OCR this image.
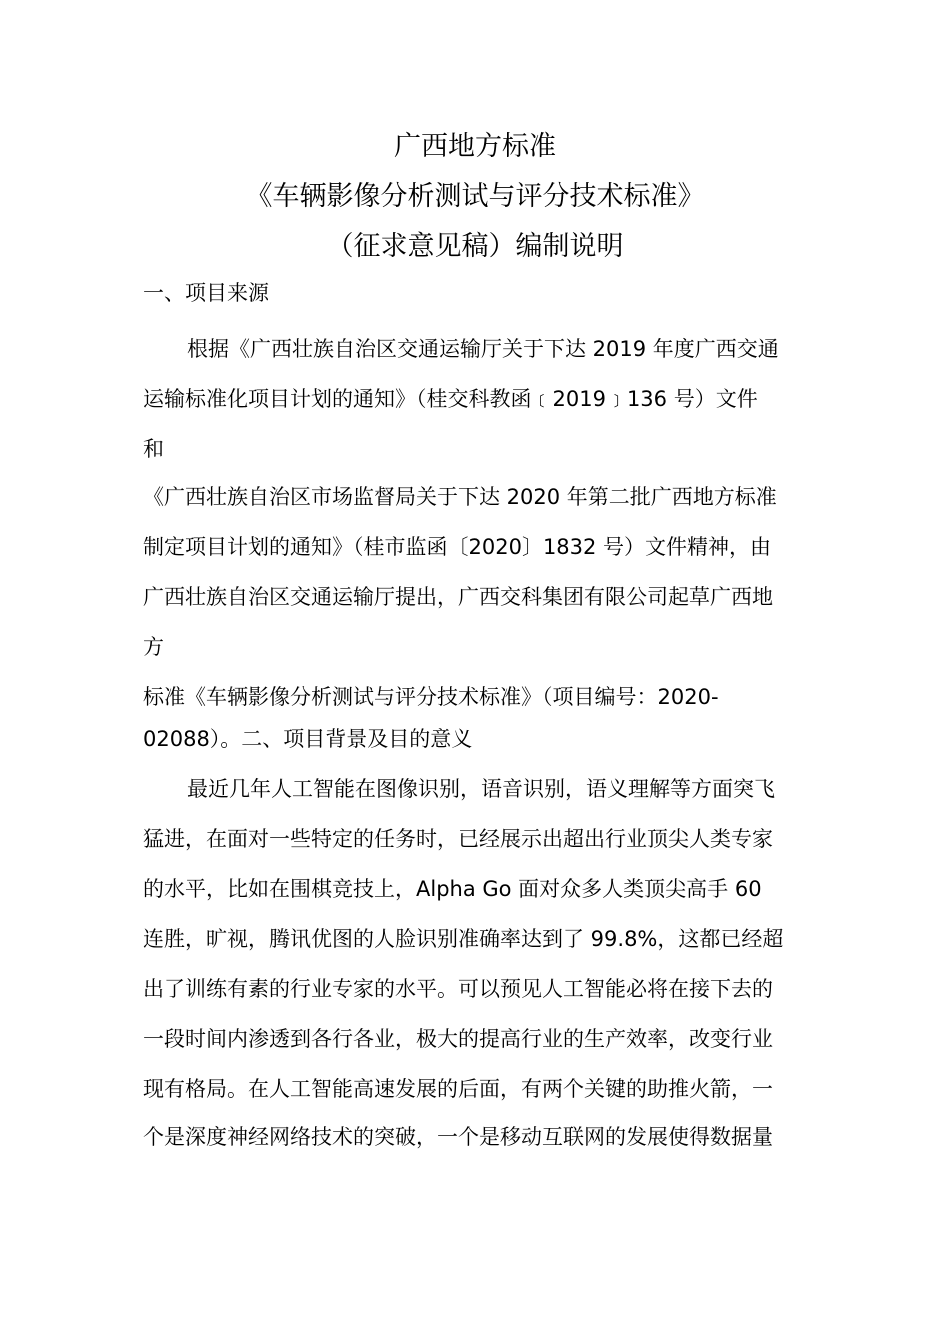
广西地方标准
《车辆影像分析测试与评分技术标准》
（征求意见稿）编制说明
一、项目来源
根据《广西壮族自治区交通运输厅关于下达 2019 年度广西交通
运输标准化项目计划的通知》（桂交科教函﹝2019﹞136 号）文件
和
《广西壮族自治区市场监督局关于下达 2020 年第二批广西地方标准
制定项目计划的通知》（桂市监函〔2020〕1832 号）文件精神，由
广西壮族自治区交通运输厅提出，广西交科集团有限公司起草广西地
方
标准《车辆影像分析测试与评分技术标准》（项目编号：2020-
02088）。二、项目背景及目的意义
最近几年人工智能在图像识别，语音识别，语义理解等方面突飞
猛进，在面对一些特定的任务时，已经展示出超出行业顶尖人类专家
的水平，比如在围棋竞技上，Alpha Go 面对众多人类顶尖高手 60
连胜，旷视，腾讯优图的人脸识别准确率达到了 99.8%，这都已经超
出了训练有素的行业专家的水平。可以预见人工智能必将在接下去的
一段时间内渗透到各行各业，极大的提高行业的生产效率，改变行业
现有格局。在人工智能高速发展的后面，有两个关键的助推火箭，一
个是深度神经网络技术的突破，一个是移动互联网的发展使得数据量
